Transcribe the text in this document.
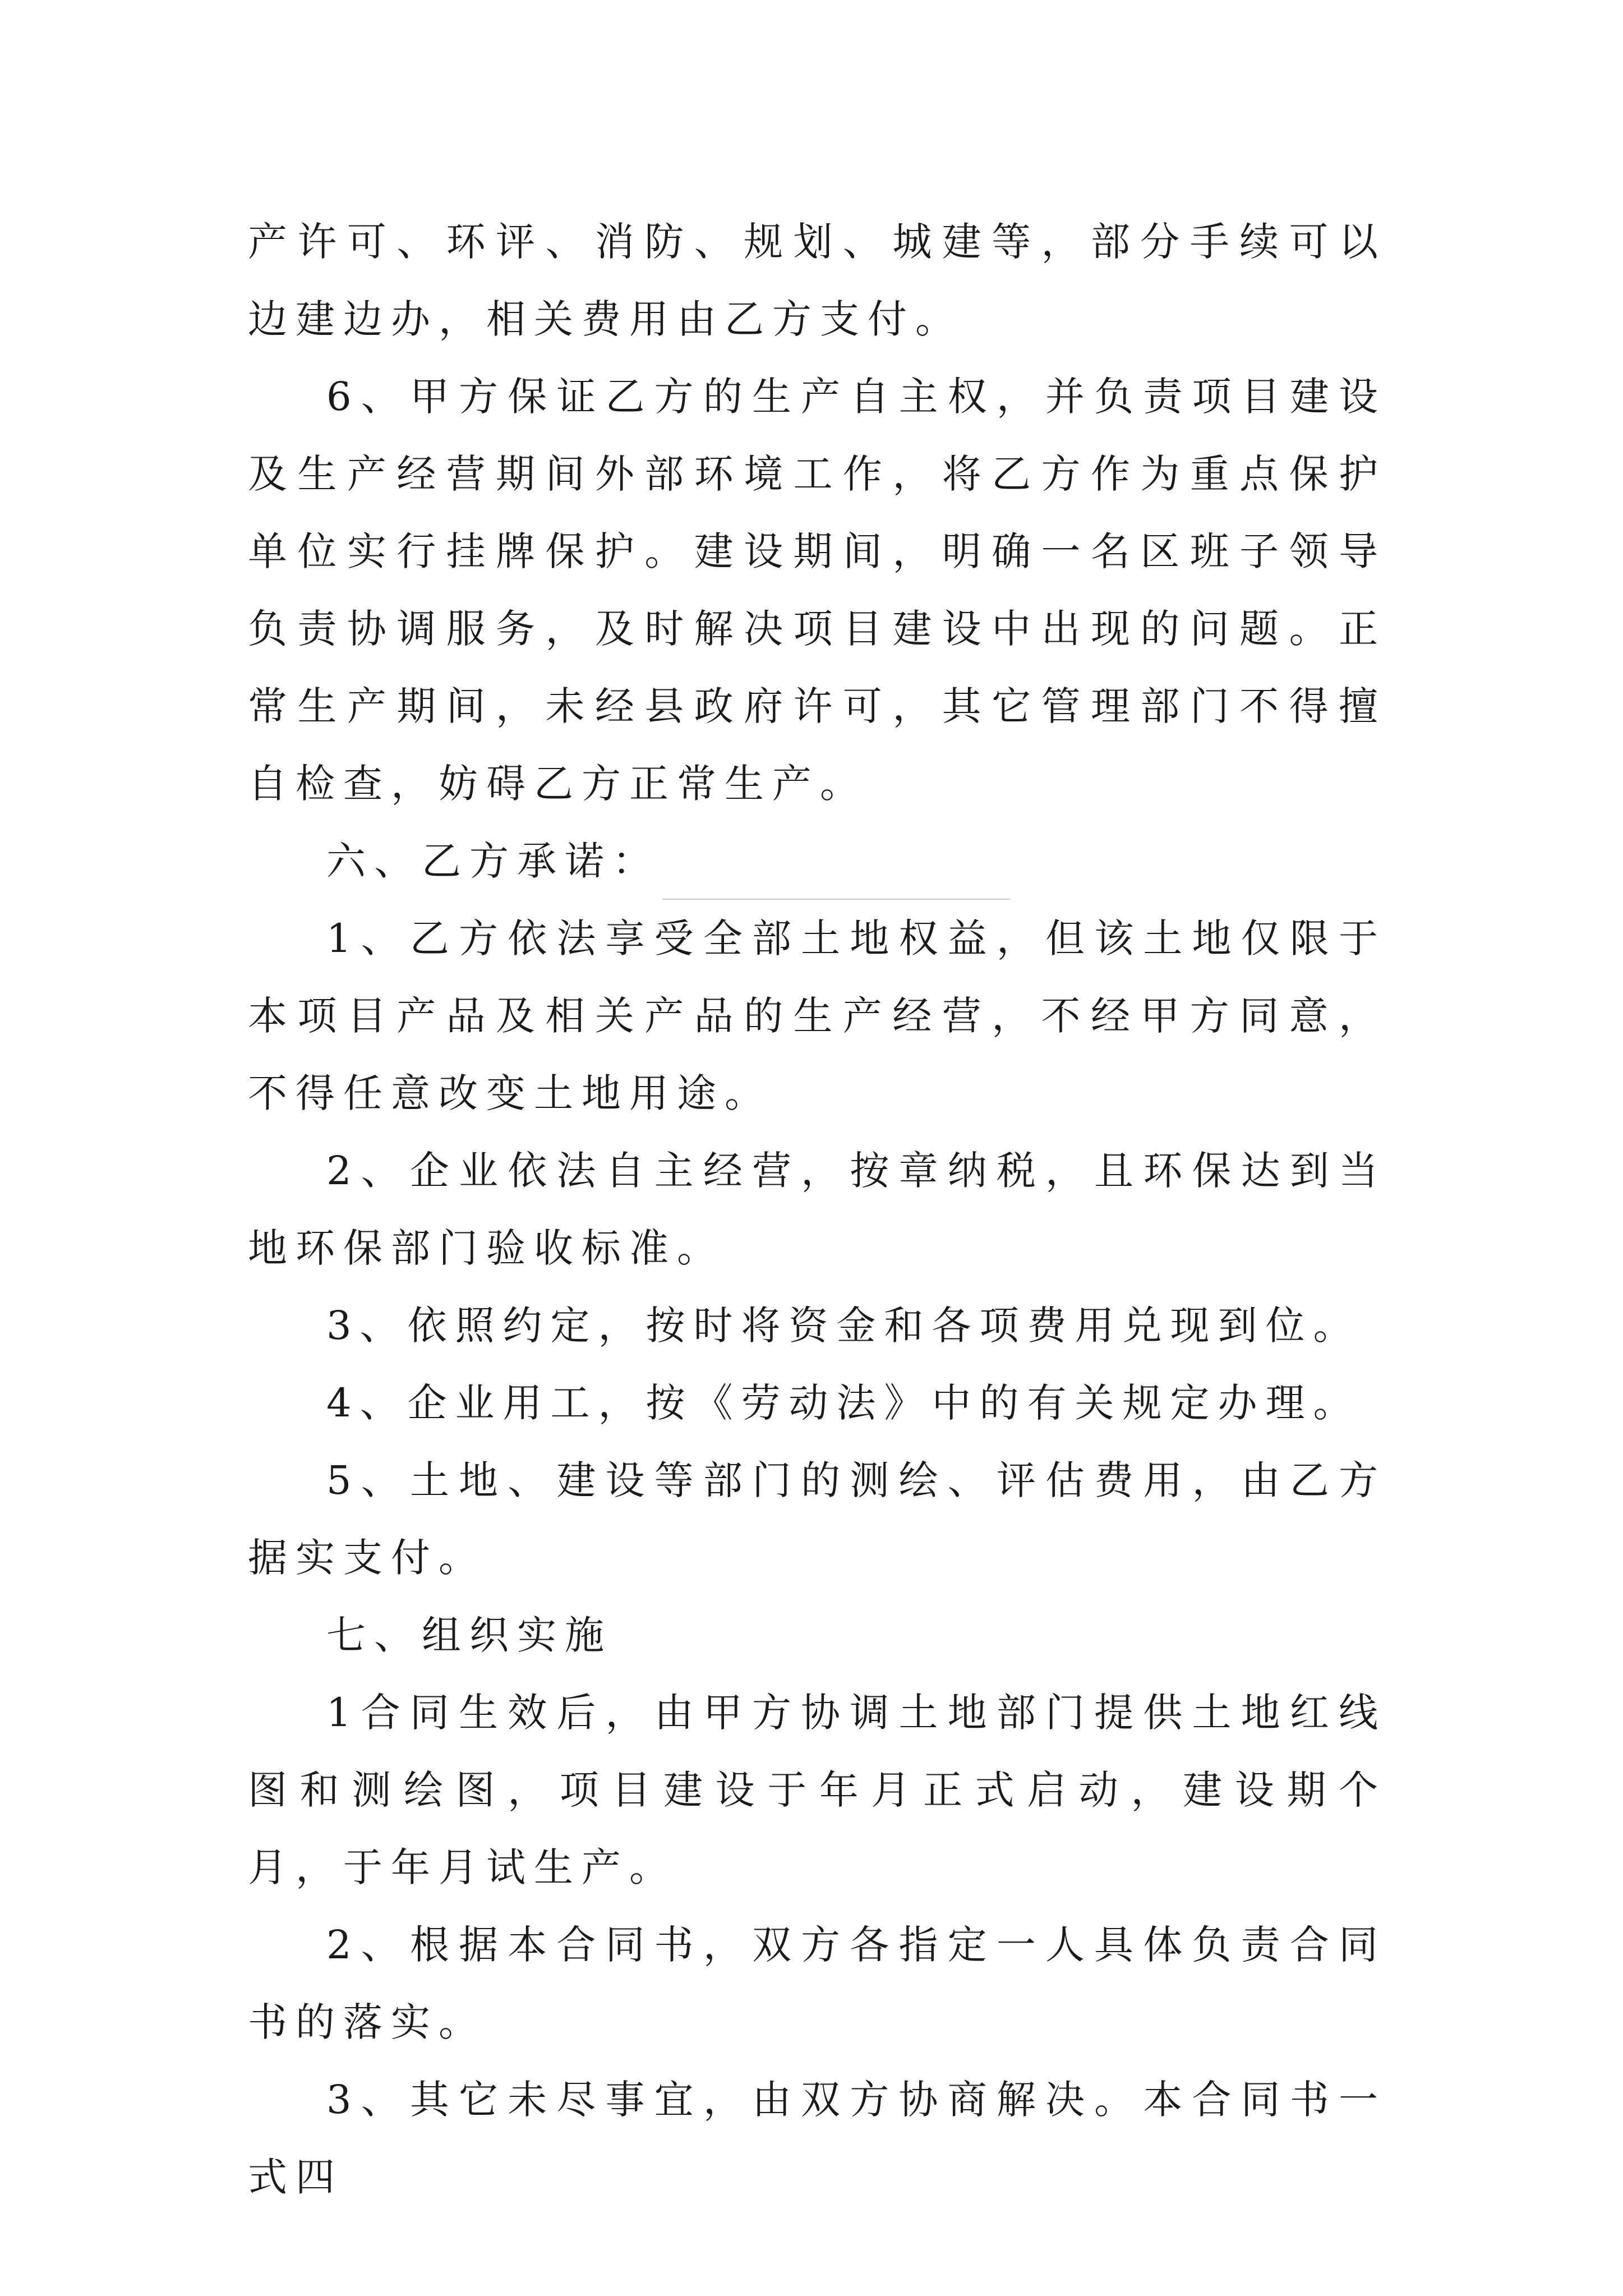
产许可、环评、消防、规划、城建等，部分手续可以边建边办，相关费用由乙方支付。

6、甲方保证乙方的生产自主权，并负责项目建设及生产经营期间外部环境工作，将乙方作为重点保护单位实行挂牌保护。建设期间，明确一名区班子领导负责协调服务，及时解决项目建设中出现的问题。正常生产期间，未经县政府许可，其它管理部门不得擅自检查，妨碍乙方正常生产。

六、乙方承诺：

1、乙方依法享受全部土地权益，但该土地仅限于本项目产品及相关产品的生产经营，不经甲方同意，不得任意改变土地用途。

2、企业依法自主经营，按章纳税，且环保达到当地环保部门验收标准。

3、依照约定，按时将资金和各项费用兑现到位。

4、企业用工，按《劳动法》中的有关规定办理。

5、土地、建设等部门的测绘、评估费用，由乙方据实支付。

七、组织实施

1合同生效后，由甲方协调土地部门提供土地红线图和测绘图，项目建设于年月正式启动，建设期个月，于年月试生产。

2、根据本合同书，双方各指定一人具体负责合同书的落实。

3、其它未尽事宜，由双方协商解决。本合同书一式四
